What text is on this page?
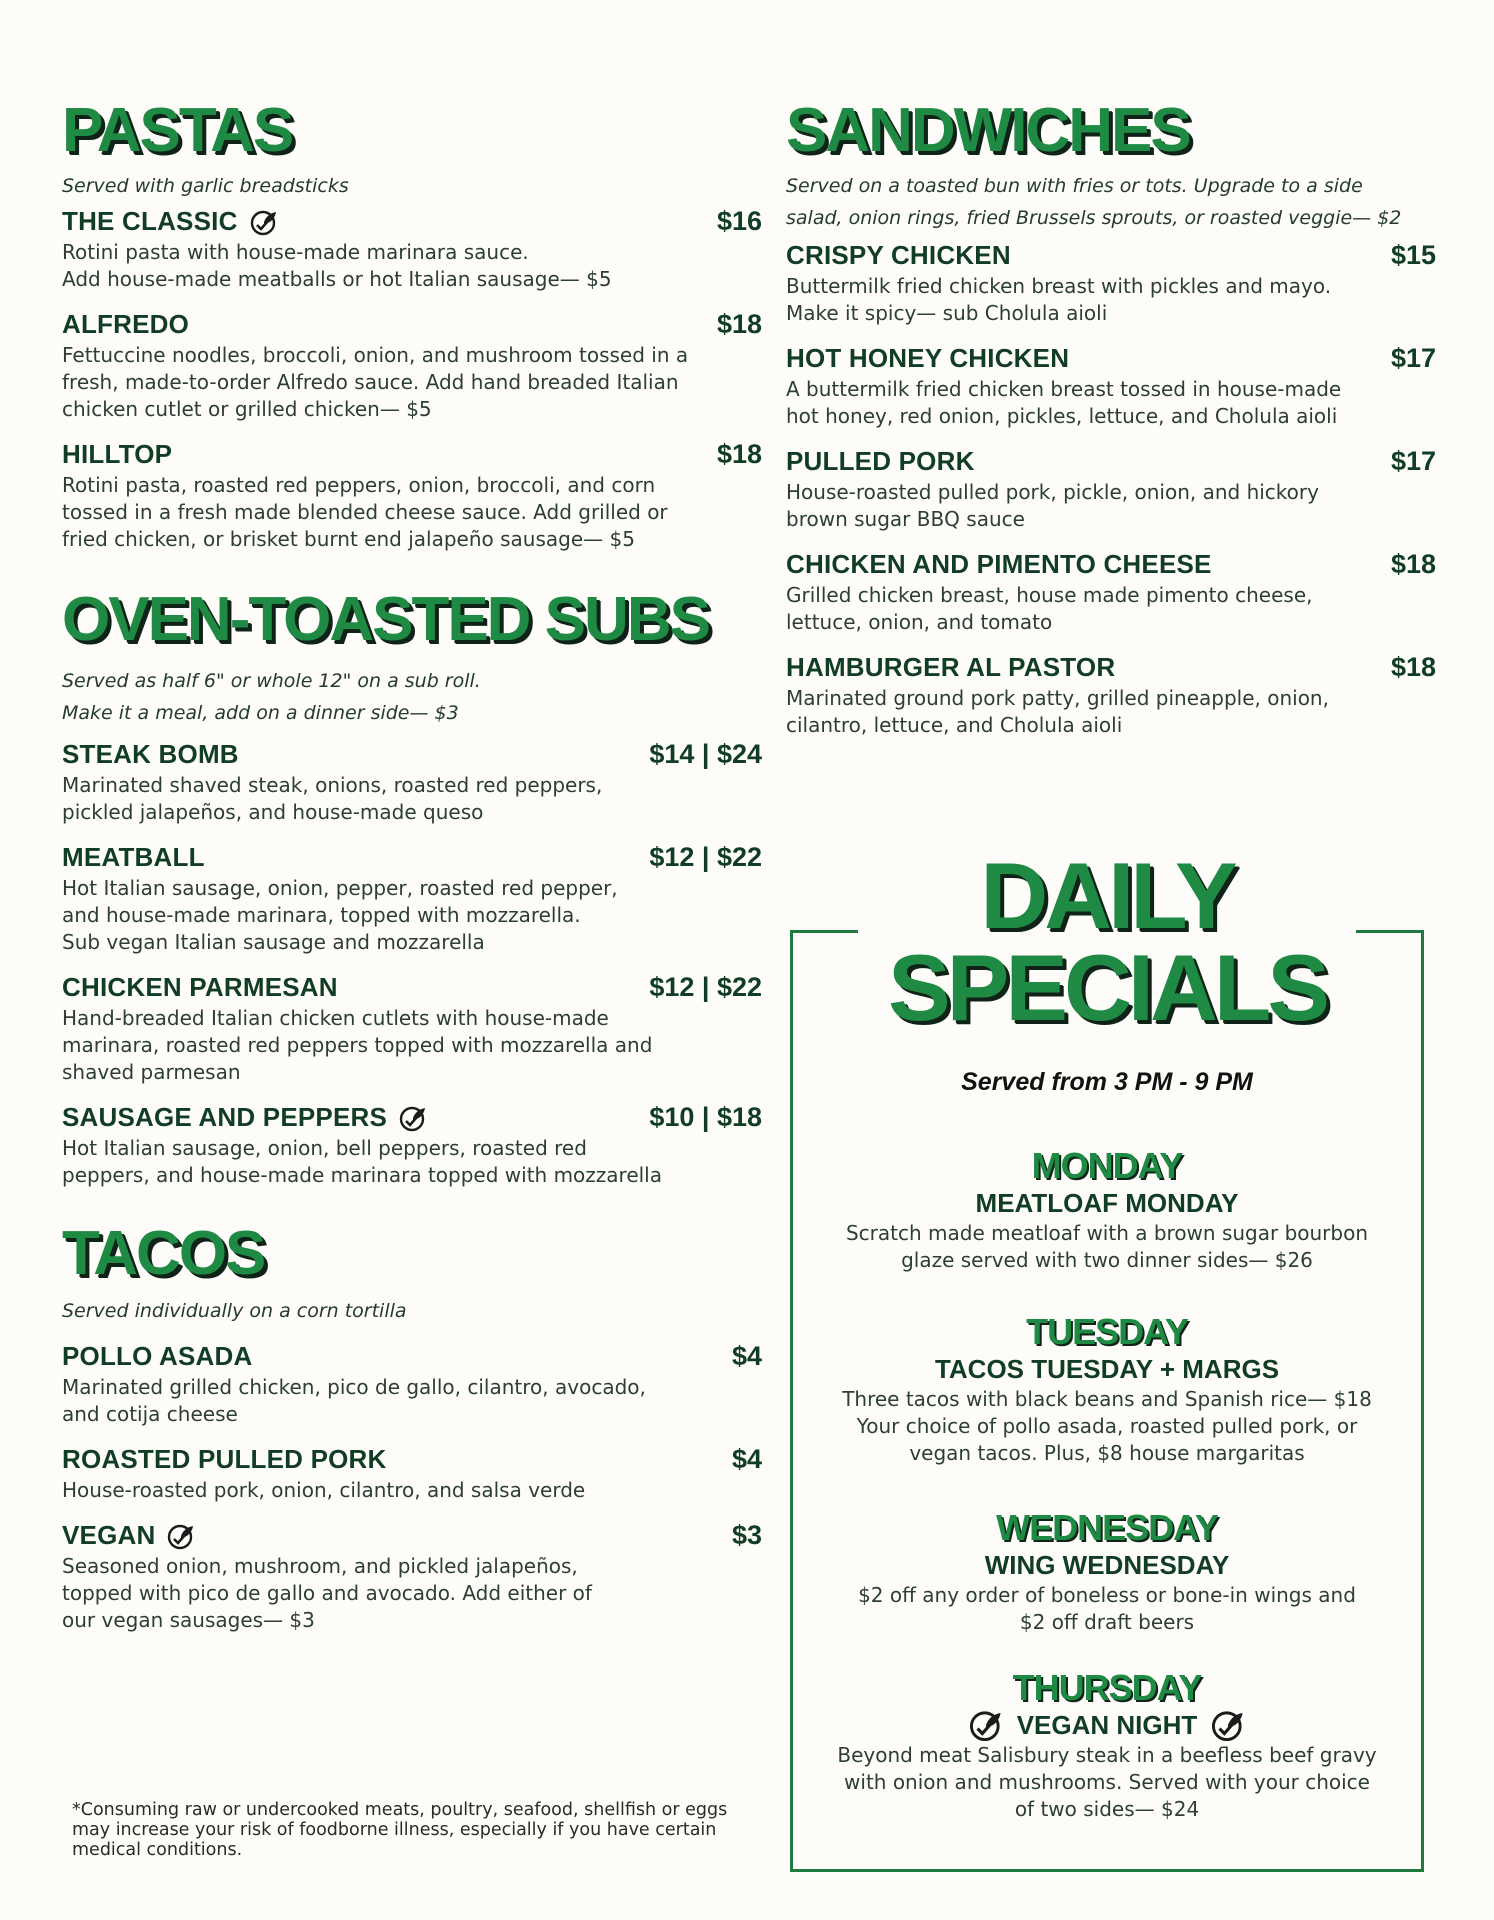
PASTAS

Served with garlic breadsticks

THE CLASSIC	$16
Rotini pasta with house-made marinara sauce.
Add house-made meatballs or hot Italian sausage— $5
ALFREDO	$18
Fettuccine noodles, broccoli, onion, and mushroom tossed in a
fresh, made-to-order Alfredo sauce. Add hand breaded Italian
chicken cutlet or grilled chicken— $5
HILLTOP	$18
Rotini pasta, roasted red peppers, onion, broccoli, and corn
tossed in a fresh made blended cheese sauce. Add grilled or
fried chicken, or brisket burnt end jalapeño sausage— $5
OVEN-TOASTED SUBS

Served as half 6" or whole 12" on a sub roll.
Make it a meal, add on a dinner side— $3

STEAK BOMB	$14 | $24
Marinated shaved steak, onions, roasted red peppers,
pickled jalapeños, and house-made queso
MEATBALL	$12 | $22
Hot Italian sausage, onion, pepper, roasted red pepper,
and house-made marinara, topped with mozzarella.
Sub vegan Italian sausage and mozzarella
CHICKEN PARMESAN	$12 | $22
Hand-breaded Italian chicken cutlets with house-made
marinara, roasted red peppers topped with mozzarella and
shaved parmesan
SAUSAGE AND PEPPERS	$10 | $18
Hot Italian sausage, onion, bell peppers, roasted red
peppers, and house-made marinara topped with mozzarella
TACOS

Served individually on a corn tortilla

POLLO ASADA	$4
Marinated grilled chicken, pico de gallo, cilantro, avocado,
and cotija cheese
ROASTED PULLED PORK	$4
House-roasted pork, onion, cilantro, and salsa verde
VEGAN	$3
Seasoned onion, mushroom, and pickled jalapeños,
topped with pico de gallo and avocado. Add either of
our vegan sausages— $3
SANDWICHES

Served on a toasted bun with fries or tots. Upgrade to a side
salad, onion rings, fried Brussels sprouts, or roasted veggie— $2

CRISPY CHICKEN	$15
Buttermilk fried chicken breast with pickles and mayo.
Make it spicy— sub Cholula aioli
HOT HONEY CHICKEN	$17
A buttermilk fried chicken breast tossed in house-made
hot honey, red onion, pickles, lettuce, and Cholula aioli
PULLED PORK	$17
House-roasted pulled pork, pickle, onion, and hickory
brown sugar BBQ sauce
CHICKEN AND PIMENTO CHEESE	$18
Grilled chicken breast, house made pimento cheese,
lettuce, onion, and tomato
HAMBURGER AL PASTOR	$18
Marinated ground pork patty, grilled pineapple, onion,
cilantro, lettuce, and Cholula aioli
DAILY
SPECIALS
Served from 3 PM - 9 PM
MONDAY
MEATLOAF MONDAY
Scratch made meatloaf with a brown sugar bourbon
glaze served with two dinner sides— $26
TUESDAY
TACOS TUESDAY + MARGS
Three tacos with black beans and Spanish rice— $18
Your choice of pollo asada, roasted pulled pork, or
vegan tacos. Plus, $8 house margaritas
WEDNESDAY
WING WEDNESDAY
$2 off any order of boneless or bone-in wings and
$2 off draft beers
THURSDAY
VEGAN NIGHT
Beyond meat Salisbury steak in a beefless beef gravy
with onion and mushrooms. Served with your choice
of two sides— $24
*Consuming raw or undercooked meats, poultry, seafood, shellfish or eggs may increase your risk of foodborne illness, especially if you have certain medical conditions.
